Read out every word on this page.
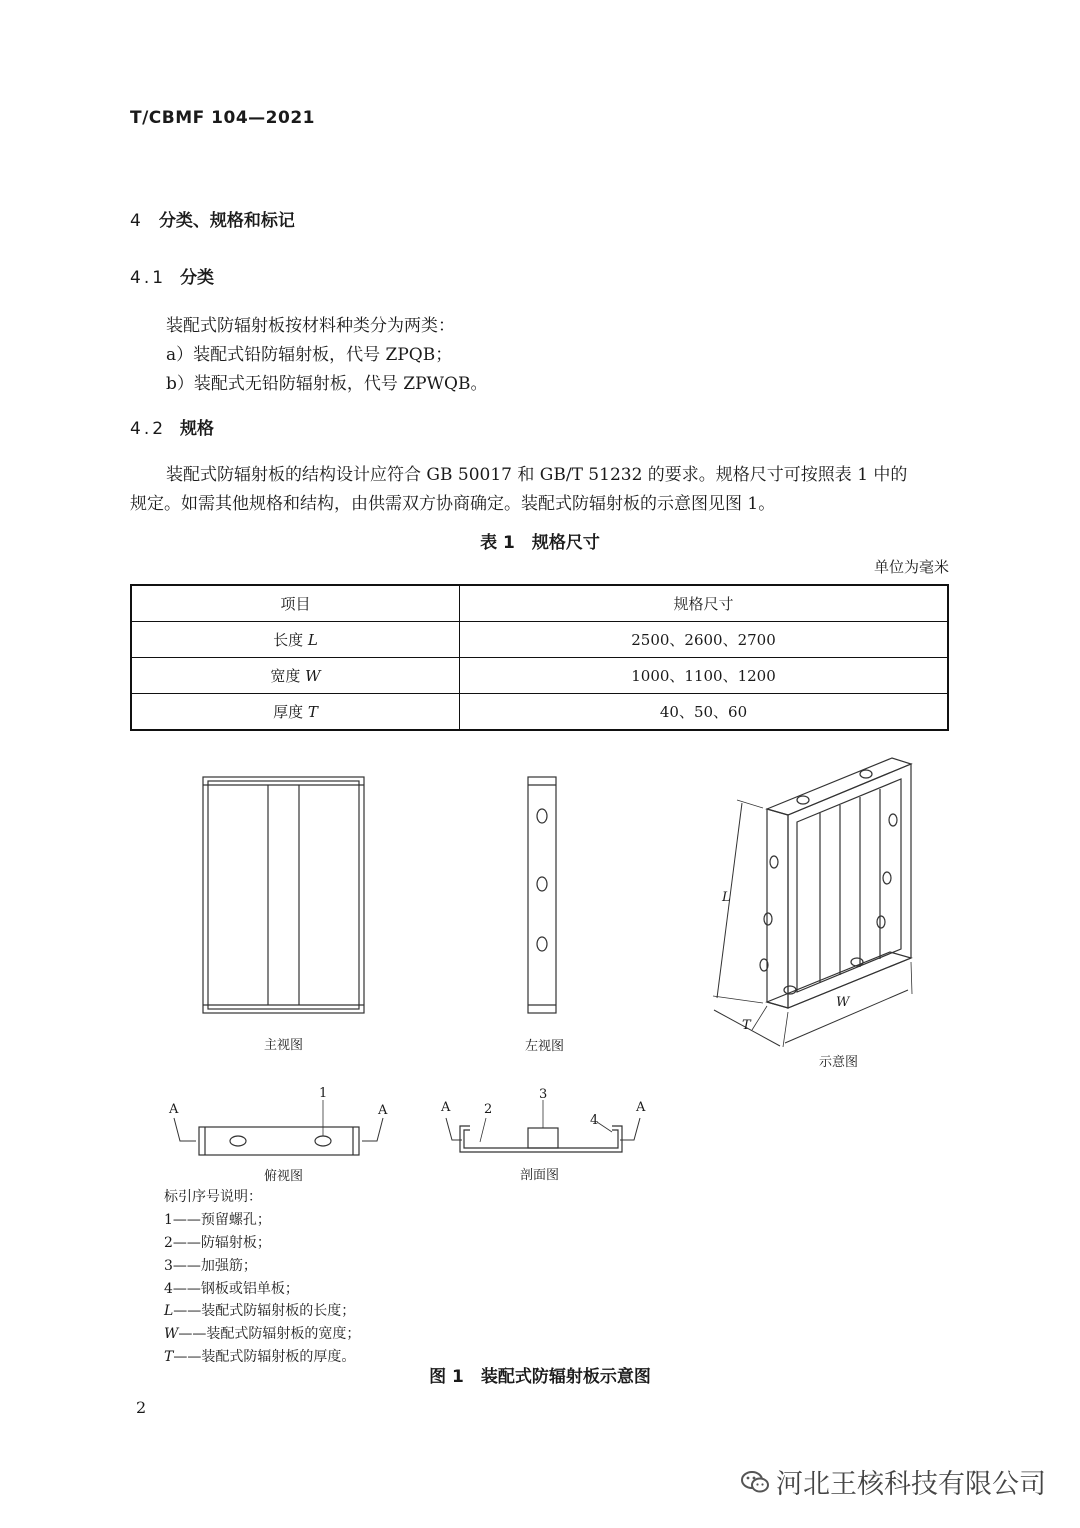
T/CBMF 104—2021
4 分类、规格和标记
4.1 分类
装配式防辐射板按材料种类分为两类：
a）装配式铅防辐射板，代号 ZPQB；
b）装配式无铅防辐射板，代号 ZPWQB。
4.2 规格
装配式防辐射板的结构设计应符合 GB 50017 和 GB/T 51232 的要求。规格尺寸可按照表 1 中的
规定。如需其他规格和结构，由供需双方协商确定。装配式防辐射板的示意图见图 1。
表 1　规格尺寸
单位为毫米
项目	规格尺寸
长度 L	2500、2600、2700
宽度 W	1000、1100、1200
厚度 T	40、50、60
主视图	左视图
示意图
俯视图	剖面图
L
W
T
A	A
1
A	2
3
4
A
标引序号说明：
1——预留螺孔；
2——防辐射板；
3——加强筋；
4——钢板或铝单板；
L——装配式防辐射板的长度；
W——装配式防辐射板的宽度；
T——装配式防辐射板的厚度。
图 1　装配式防辐射板示意图
2
河北王核科技有限公司
